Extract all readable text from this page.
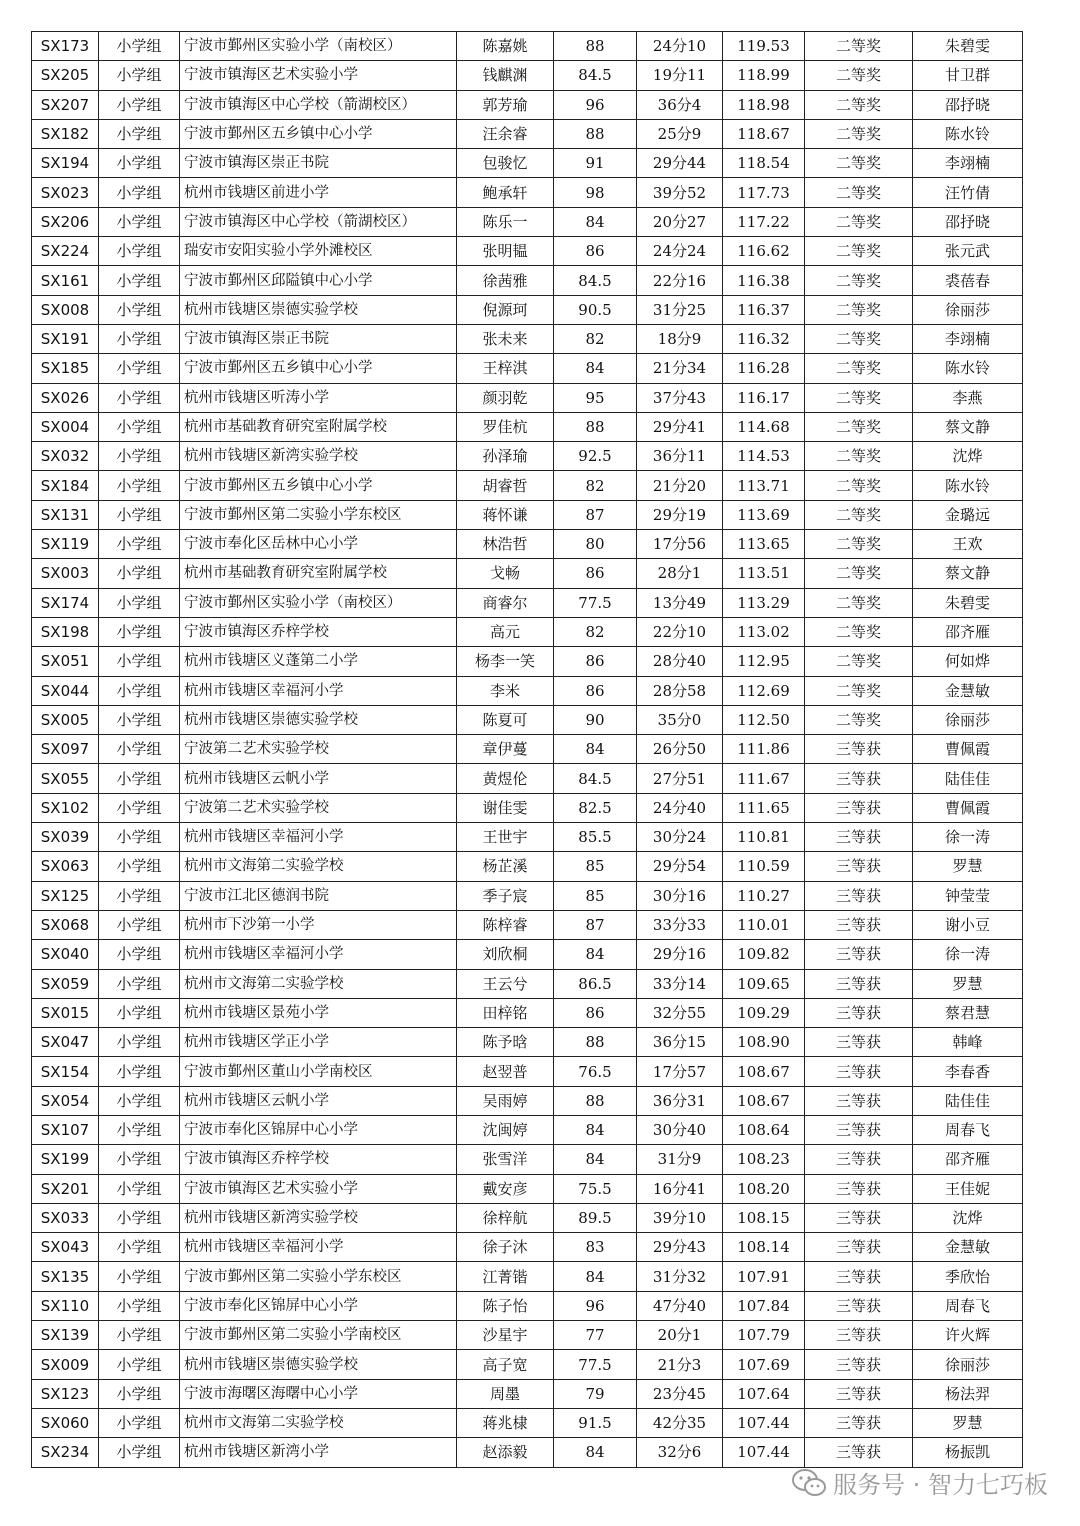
SX173	小学组	宁波市鄞州区实验小学（南校区）	陈嘉姚	88	24分10	119.53	二等奖	朱碧雯
SX205	小学组	宁波市镇海区艺术实验小学	钱麒渊	84.5	19分11	118.99	二等奖	甘卫群
SX207	小学组	宁波市镇海区中心学校（箭湖校区）	郭芳瑜	96	36分4	118.98	二等奖	邵抒晓
SX182	小学组	宁波市鄞州区五乡镇中心小学	汪余睿	88	25分9	118.67	二等奖	陈水铃
SX194	小学组	宁波市镇海区崇正书院	包骏忆	91	29分44	118.54	二等奖	李翊楠
SX023	小学组	杭州市钱塘区前进小学	鲍承轩	98	39分52	117.73	二等奖	汪竹倩
SX206	小学组	宁波市镇海区中心学校（箭湖校区）	陈乐一	84	20分27	117.22	二等奖	邵抒晓
SX224	小学组	瑞安市安阳实验小学外滩校区	张明韫	86	24分24	116.62	二等奖	张元武
SX161	小学组	宁波市鄞州区邱隘镇中心小学	徐茜雅	84.5	22分16	116.38	二等奖	裘蓓春
SX008	小学组	杭州市钱塘区崇德实验学校	倪源珂	90.5	31分25	116.37	二等奖	徐丽莎
SX191	小学组	宁波市镇海区崇正书院	张未来	82	18分9	116.32	二等奖	李翊楠
SX185	小学组	宁波市鄞州区五乡镇中心小学	王梓淇	84	21分34	116.28	二等奖	陈水铃
SX026	小学组	杭州市钱塘区听涛小学	颜羽乾	95	37分43	116.17	二等奖	李燕
SX004	小学组	杭州市基础教育研究室附属学校	罗佳杭	88	29分41	114.68	二等奖	蔡文静
SX032	小学组	杭州市钱塘区新湾实验学校	孙泽瑜	92.5	36分11	114.53	二等奖	沈烨
SX184	小学组	宁波市鄞州区五乡镇中心小学	胡睿哲	82	21分20	113.71	二等奖	陈水铃
SX131	小学组	宁波市鄞州区第二实验小学东校区	蒋怀谦	87	29分19	113.69	二等奖	金璐远
SX119	小学组	宁波市奉化区岳林中心小学	林浩哲	80	17分56	113.65	二等奖	王欢
SX003	小学组	杭州市基础教育研究室附属学校	戈畅	86	28分1	113.51	二等奖	蔡文静
SX174	小学组	宁波市鄞州区实验小学（南校区）	商睿尔	77.5	13分49	113.29	二等奖	朱碧雯
SX198	小学组	宁波市镇海区乔梓学校	高元	82	22分10	113.02	二等奖	邵齐雁
SX051	小学组	杭州市钱塘区义蓬第二小学	杨李一笑	86	28分40	112.95	二等奖	何如烨
SX044	小学组	杭州市钱塘区幸福河小学	李米	86	28分58	112.69	二等奖	金慧敏
SX005	小学组	杭州市钱塘区崇德实验学校	陈夏可	90	35分0	112.50	二等奖	徐丽莎
SX097	小学组	宁波第二艺术实验学校	章伊蔓	84	26分50	111.86	三等获	曹佩霞
SX055	小学组	杭州市钱塘区云帆小学	黄煜伦	84.5	27分51	111.67	三等获	陆佳佳
SX102	小学组	宁波第二艺术实验学校	谢佳雯	82.5	24分40	111.65	三等获	曹佩霞
SX039	小学组	杭州市钱塘区幸福河小学	王世宇	85.5	30分24	110.81	三等获	徐一涛
SX063	小学组	杭州市文海第二实验学校	杨芷溪	85	29分54	110.59	三等获	罗慧
SX125	小学组	宁波市江北区德润书院	季子宸	85	30分16	110.27	三等获	钟莹莹
SX068	小学组	杭州市下沙第一小学	陈梓睿	87	33分33	110.01	三等获	谢小豆
SX040	小学组	杭州市钱塘区幸福河小学	刘欣桐	84	29分16	109.82	三等获	徐一涛
SX059	小学组	杭州市文海第二实验学校	王云兮	86.5	33分14	109.65	三等获	罗慧
SX015	小学组	杭州市钱塘区景苑小学	田梓铭	86	32分55	109.29	三等获	蔡君慧
SX047	小学组	杭州市钱塘区学正小学	陈予晗	88	36分15	108.90	三等获	韩峰
SX154	小学组	宁波市鄞州区董山小学南校区	赵翌普	76.5	17分57	108.67	三等获	李春香
SX054	小学组	杭州市钱塘区云帆小学	吴雨婷	88	36分31	108.67	三等获	陆佳佳
SX107	小学组	宁波市奉化区锦屏中心小学	沈闽婷	84	30分40	108.64	三等获	周春飞
SX199	小学组	宁波市镇海区乔梓学校	张雪洋	84	31分9	108.23	三等获	邵齐雁
SX201	小学组	宁波市镇海区艺术实验小学	戴安彦	75.5	16分41	108.20	三等获	王佳妮
SX033	小学组	杭州市钱塘区新湾实验学校	徐梓航	89.5	39分10	108.15	三等获	沈烨
SX043	小学组	杭州市钱塘区幸福河小学	徐子沐	83	29分43	108.14	三等获	金慧敏
SX135	小学组	宁波市鄞州区第二实验小学东校区	江菁锴	84	31分32	107.91	三等获	季欣怡
SX110	小学组	宁波市奉化区锦屏中心小学	陈子怡	96	47分40	107.84	三等获	周春飞
SX139	小学组	宁波市鄞州区第二实验小学南校区	沙星宇	77	20分1	107.79	三等获	许火辉
SX009	小学组	杭州市钱塘区崇德实验学校	高子宽	77.5	21分3	107.69	三等获	徐丽莎
SX123	小学组	宁波市海曙区海曙中心小学	周墨	79	23分45	107.64	三等获	杨法羿
SX060	小学组	杭州市文海第二实验学校	蒋兆棣	91.5	42分35	107.44	三等获	罗慧
SX234	小学组	杭州市钱塘区新湾小学	赵添毅	84	32分6	107.44	三等获	杨振凯
服务号 · 智力七巧板
